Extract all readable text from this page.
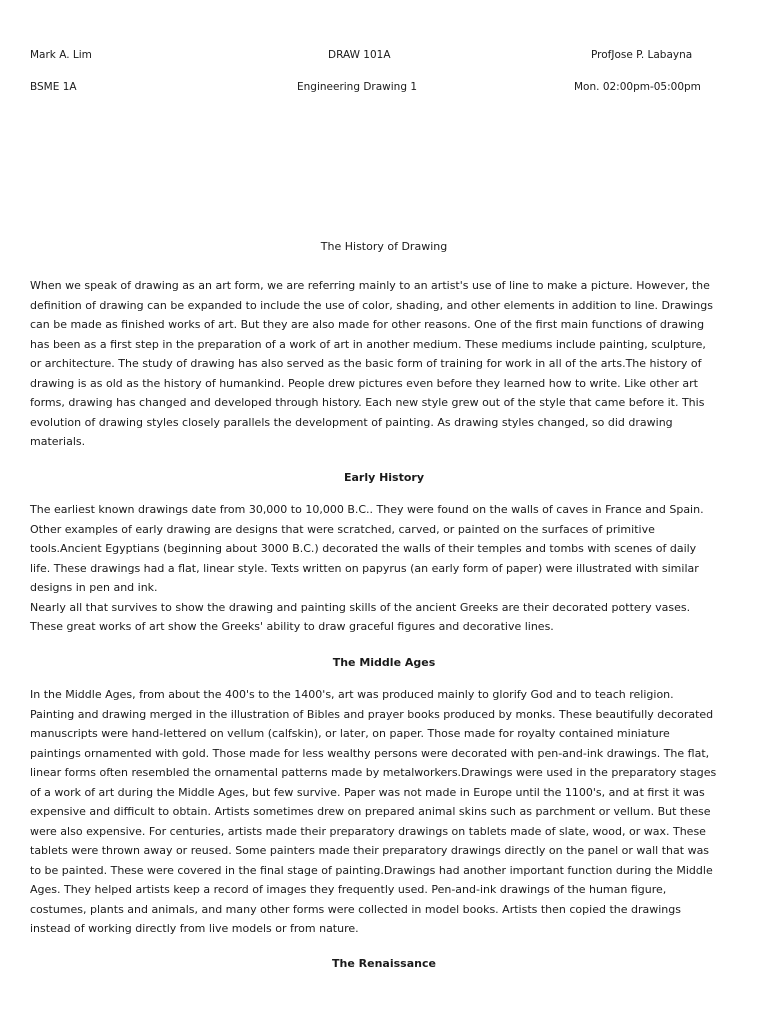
Mark A. Lim	DRAW 101A	ProfJose P. Labayna
BSME 1A	Engineering Drawing 1	Mon. 02:00pm-05:00pm
The History of Drawing
When we speak of drawing as an art form, we are referring mainly to an artist's use of line to make a picture. However, the
definition of drawing can be expanded to include the use of color, shading, and other elements in addition to line. Drawings
can be made as finished works of art. But they are also made for other reasons. One of the first main functions of drawing
has been as a first step in the preparation of a work of art in another medium. These mediums include painting, sculpture,
or architecture. The study of drawing has also served as the basic form of training for work in all of the arts.The history of
drawing is as old as the history of humankind. People drew pictures even before they learned how to write. Like other art
forms, drawing has changed and developed through history. Each new style grew out of the style that came before it. This
evolution of drawing styles closely parallels the development of painting. As drawing styles changed, so did drawing
materials.
Early History
The earliest known drawings date from 30,000 to 10,000 B.C.. They were found on the walls of caves in France and Spain.
Other examples of early drawing are designs that were scratched, carved, or painted on the surfaces of primitive
tools.Ancient Egyptians (beginning about 3000 B.C.) decorated the walls of their temples and tombs with scenes of daily
life. These drawings had a flat, linear style. Texts written on papyrus (an early form of paper) were illustrated with similar
designs in pen and ink.
Nearly all that survives to show the drawing and painting skills of the ancient Greeks are their decorated pottery vases.
These great works of art show the Greeks' ability to draw graceful figures and decorative lines.
The Middle Ages
In the Middle Ages, from about the 400's to the 1400's, art was produced mainly to glorify God and to teach religion.
Painting and drawing merged in the illustration of Bibles and prayer books produced by monks. These beautifully decorated
manuscripts were hand-lettered on vellum (calfskin), or later, on paper. Those made for royalty contained miniature
paintings ornamented with gold. Those made for less wealthy persons were decorated with pen-and-ink drawings. The flat,
linear forms often resembled the ornamental patterns made by metalworkers.Drawings were used in the preparatory stages
of a work of art during the Middle Ages, but few survive. Paper was not made in Europe until the 1100's, and at first it was
expensive and difficult to obtain. Artists sometimes drew on prepared animal skins such as parchment or vellum. But these
were also expensive. For centuries, artists made their preparatory drawings on tablets made of slate, wood, or wax. These
tablets were thrown away or reused. Some painters made their preparatory drawings directly on the panel or wall that was
to be painted. These were covered in the final stage of painting.Drawings had another important function during the Middle
Ages. They helped artists keep a record of images they frequently used. Pen-and-ink drawings of the human figure,
costumes, plants and animals, and many other forms were collected in model books. Artists then copied the drawings
instead of working directly from live models or from nature.
The Renaissance
